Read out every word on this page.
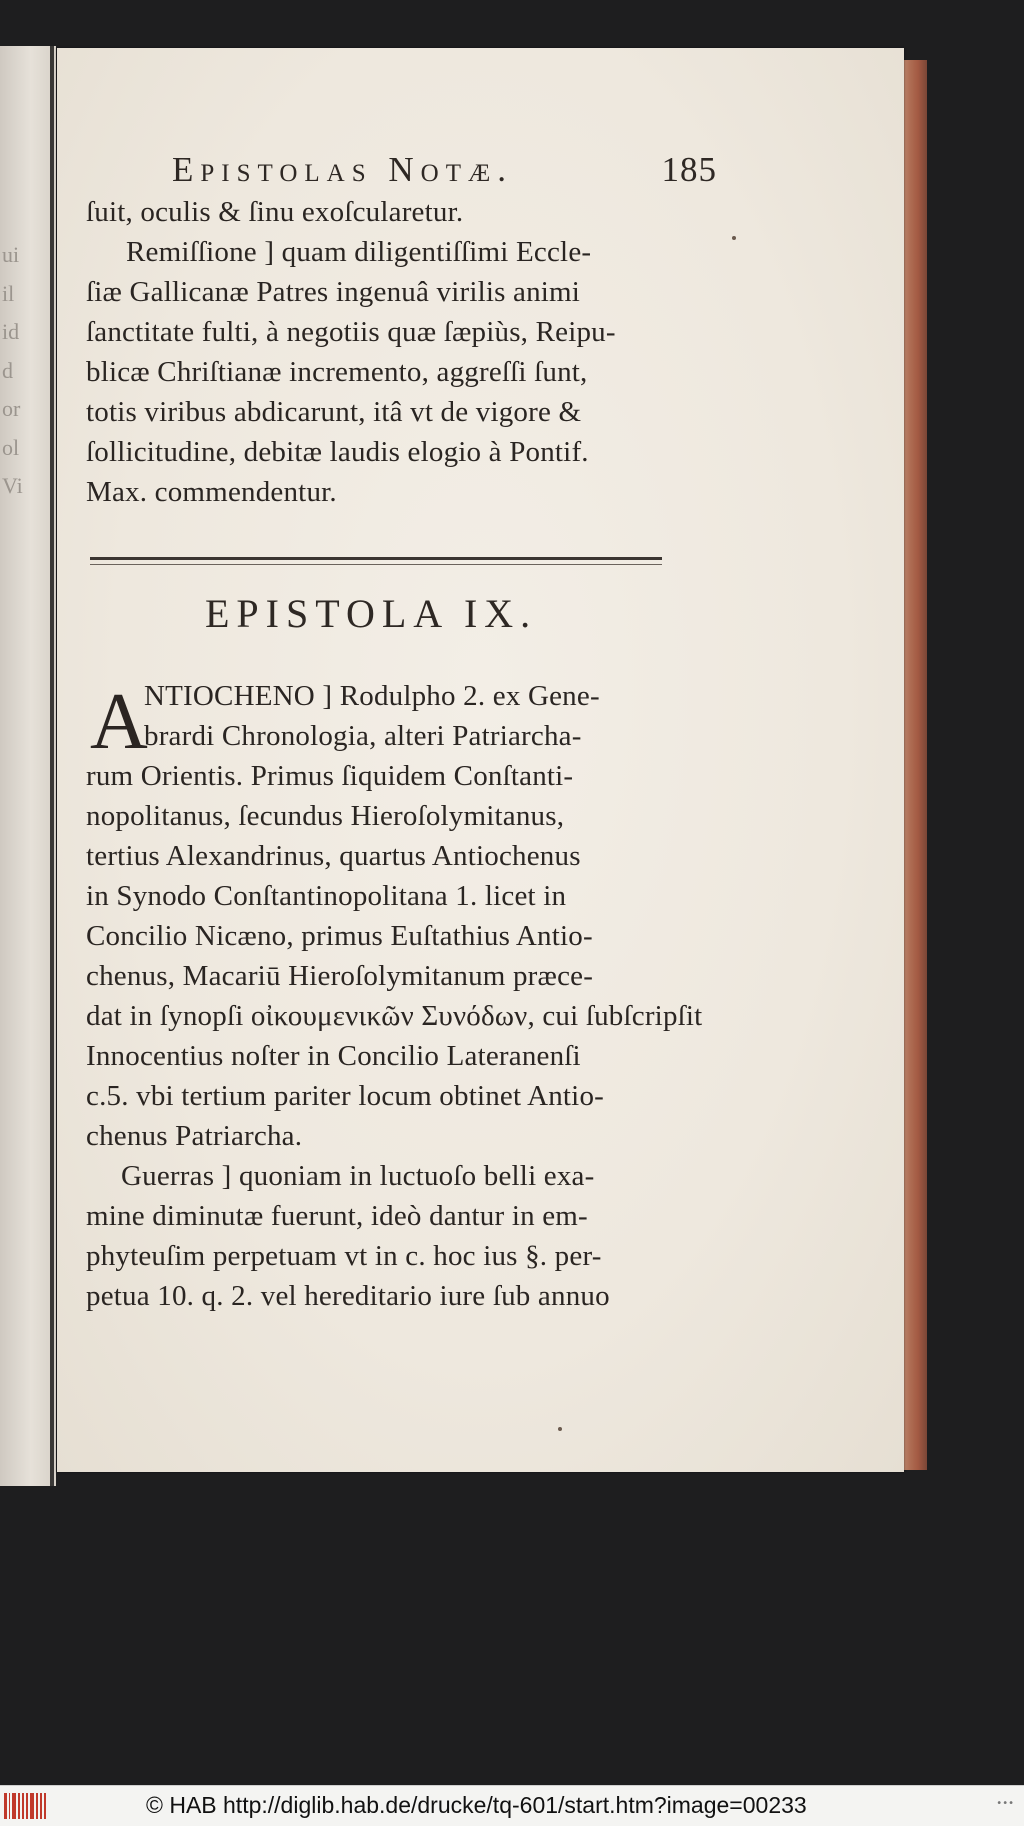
ui
il
id
d
or
ol
Vi
Epistolas Notæ.	185
ſuit, oculis & ſinu exoſcularetur.
Remiſſione ] quam diligentiſſimi Eccle-
ſiæ Gallicanæ Patres ingenuâ virilis animi
ſanctitate fulti, à negotiis quæ ſæpiùs, Reipu-
blicæ Chriſtianæ incremento, aggreſſi ſunt,
totis viribus abdicarunt, itâ vt de vigore &
ſollicitudine, debitæ laudis elogio à Pontif.
Max. commendentur.
EPISTOLA IX.
A
NTIOCHENO ] Rodulpho 2. ex Gene-
brardi Chronologia, alteri Patriarcha-
rum Orientis. Primus ſiquidem Conſtanti-
nopolitanus, ſecundus Hieroſolymitanus,
tertius Alexandrinus, quartus Antiochenus
in Synodo Conſtantinopolitana 1. licet in
Concilio Nicæno, primus Euſtathius Antio-
chenus, Macariū Hieroſolymitanum præce-
dat in ſynopſi οἰκουμενικῶν Συνόδων, cui ſubſcripſit
Innocentius noſter in Concilio Lateranenſi
c.5. vbi tertium pariter locum obtinet Antio-
chenus Patriarcha.
Guerras ] quoniam in luctuoſo belli exa-
mine diminutæ fuerunt, ideò dantur in em-
phyteuſim perpetuam vt in c. hoc ius §. per-
petua 10. q. 2. vel hereditario iure ſub annuo
© HAB http://diglib.hab.de/drucke/tq-601/start.htm?image=00233	•••
